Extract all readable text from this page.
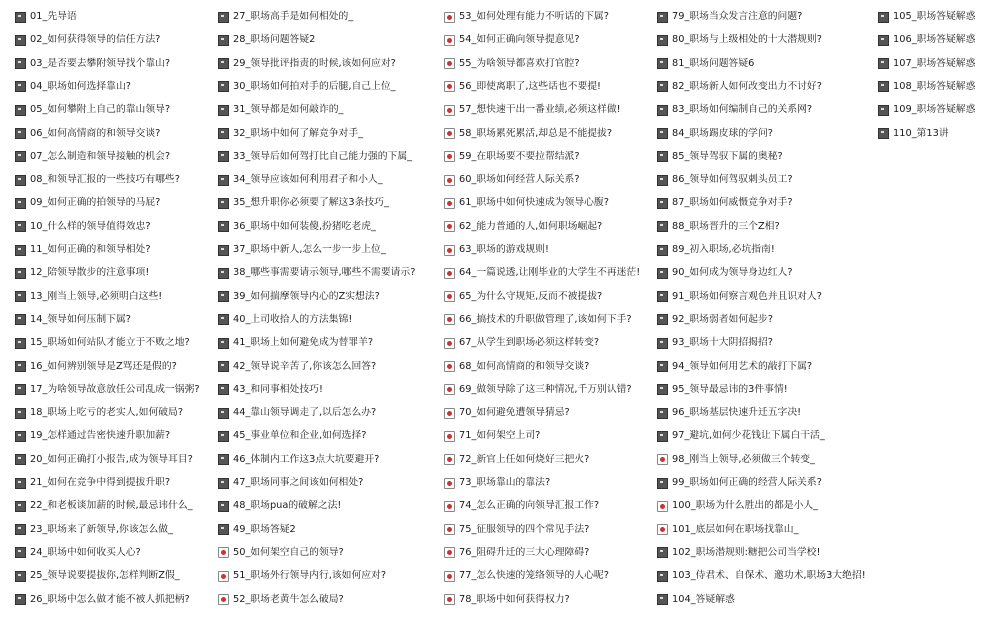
01_先导语
02_如何获得领导的信任方法?
03_是否要去攀附领导找个靠山?
04_职场如何选择靠山?
05_如何攀附上自己的靠山领导?
06_如何高情商的和领导交谈?
07_怎么制造和领导接触的机会?
08_和领导汇报的一些技巧有哪些?
09_如何正确的拍领导的马屁?
10_什么样的领导值得效忠?
11_如何正确的和领导相处?
12_陪领导散步的注意事项!
13_刚当上领导,必须明白这些!
14_领导如何压制下属?
15_职场如何站队才能立于不败之地?
16_如何辨别领导是Z骂还是假的?
17_为啥领导故意放任公司乱成一锅粥?
18_职场上吃亏的老实人,如何破局?
19_怎样通过告密快速升职加薪?
20_如何正确打小报告,成为领导耳目?
21_如何在竞争中得到提拔升职?
22_和老板谈加薪的时候,最忌讳什么_
23_职场来了新领导,你该怎么做_
24_职场中如何收买人心?
25_领导说要提拔你,怎样判断Z假_
26_职场中怎么做才能不被人抓把柄?
27_职场高手是如何相处的_
28_职场问题答疑2
29_领导批评指责的时候,该如何应对?
30_职场如何拍对手的后腿,自己上位_
31_领导都是如何敲诈的_
32_职场中如何了解竞争对手_
33_领导后如何驾打比自己能力强的下属_
34_领导应该如何利用君子和小人_
35_想升职你必须要了解这3条技巧_
36_职场中如何装傻,扮猪吃老虎_
37_职场中新人,怎么一步一步上位_
38_哪些事需要请示领导,哪些不需要请示?
39_如何揣摩领导内心的Z实想法?
40_上司收拾人的方法集锦!
41_职场上如何避免成为替罪羊?
42_领导说辛苦了,你该怎么回答?
43_和同事相处技巧!
44_靠山领导调走了,以后怎么办?
45_事业单位和企业,如何选择?
46_体制内工作这3点大坑要避开?
47_职场同事之间该如何相处?
48_职场pua的破解之法!
49_职场答疑2
50_如何架空自己的领导?
51_职场外行领导内行,该如何应对?
52_职场老黄牛怎么破局?
53_如何处理有能力不听话的下属?
54_如何正确向领导提意见?
55_为啥领导都喜欢打官腔?
56_即使离职了,这些话也不要提!
57_想快速干出一番业绩,必须这样做!
58_职场累死累活,却总是不能提拔?
59_在职场要不要拉帮结派?
60_职场如何经营人际关系?
61_职场中如何快速成为领导心腹?
62_能力普通的人,如何职场崛起?
63_职场的游戏规则!
64_一篇说透,让刚毕业的大学生不再迷茫!
65_为什么守规矩,反而不被提拔?
66_搞技术的升职做管理了,该如何下手?
67_从学生到职场必须这样转变?
68_如何高情商的和领导交谈?
69_做领导除了这三种情况,千万别认错?
70_如何避免遭领导猜忌?
71_如何架空上司?
72_新官上任如何烧好三把火?
73_职场靠山的靠法?
74_怎么正确的向领导汇报工作?
75_征服领导的四个常见手法?
76_阻碍升迁的三大心理障碍?
77_怎么快速的笼络领导的人心呢?
78_职场中如何获得权力?
79_职场当众发言注意的问题?
80_职场与上级相处的十大潜规则?
81_职场问题答疑6
82_职场新人如何改变出力不讨好?
83_职场如何编制自己的关系网?
84_职场踢皮球的学问?
85_领导驾驭下属的奥秘?
86_领导如何驾驭刺头员工?
87_职场如何威慑竞争对手?
88_职场晋升的三个Z相?
89_初入职场,必坑指南!
90_如何成为领导身边红人?
91_职场如何察言观色并且识对人?
92_职场弱者如何起步?
93_职场十大阴招揭招?
94_领导如何用艺术的敲打下属?
95_领导最忌讳的3件事情!
96_职场基层快速升迁五字决!
97_避坑,如何少花钱让下属白干活_
98_刚当上领导,必须做三个转变_
99_职场如何正确的经营人际关系?
100_职场为什么胜出的都是小人_
101_底层如何在职场找靠山_
102_职场潜规则:糖把公司当学校!
103_侍君术、自保术、邀功术,职场3大绝招!
104_答疑解惑
105_职场答疑解惑
106_职场答疑解惑
107_职场答疑解惑
108_职场答疑解惑
109_职场答疑解惑
110_第13讲
